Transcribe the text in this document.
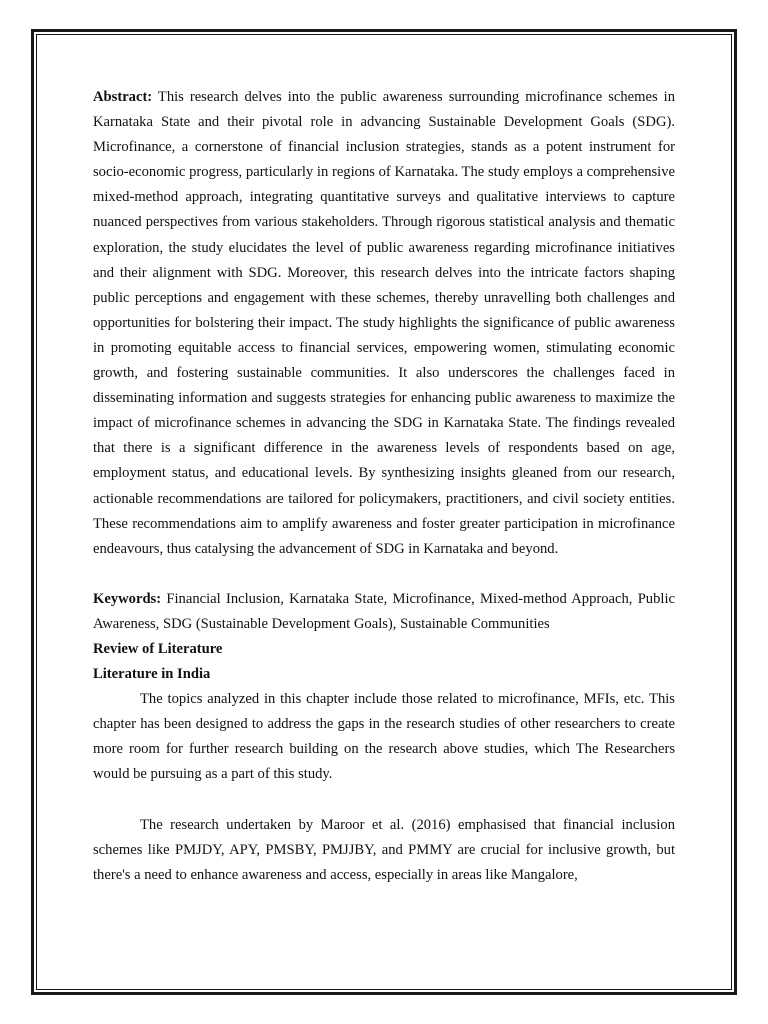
Abstract: This research delves into the public awareness surrounding microfinance schemes in Karnataka State and their pivotal role in advancing Sustainable Development Goals (SDG). Microfinance, a cornerstone of financial inclusion strategies, stands as a potent instrument for socio-economic progress, particularly in regions of Karnataka. The study employs a comprehensive mixed-method approach, integrating quantitative surveys and qualitative interviews to capture nuanced perspectives from various stakeholders. Through rigorous statistical analysis and thematic exploration, the study elucidates the level of public awareness regarding microfinance initiatives and their alignment with SDG. Moreover, this research delves into the intricate factors shaping public perceptions and engagement with these schemes, thereby unravelling both challenges and opportunities for bolstering their impact. The study highlights the significance of public awareness in promoting equitable access to financial services, empowering women, stimulating economic growth, and fostering sustainable communities. It also underscores the challenges faced in disseminating information and suggests strategies for enhancing public awareness to maximize the impact of microfinance schemes in advancing the SDG in Karnataka State. The findings revealed that there is a significant difference in the awareness levels of respondents based on age, employment status, and educational levels. By synthesizing insights gleaned from our research, actionable recommendations are tailored for policymakers, practitioners, and civil society entities. These recommendations aim to amplify awareness and foster greater participation in microfinance endeavours, thus catalysing the advancement of SDG in Karnataka and beyond.

Keywords: Financial Inclusion, Karnataka State, Microfinance, Mixed-method Approach, Public Awareness, SDG (Sustainable Development Goals), Sustainable Communities

Review of Literature

Literature in India

The topics analyzed in this chapter include those related to microfinance, MFIs, etc. This chapter has been designed to address the gaps in the research studies of other researchers to create more room for further research building on the research above studies, which The Researchers would be pursuing as a part of this study.

The research undertaken by Maroor et al. (2016) emphasised that financial inclusion schemes like PMJDY, APY, PMSBY, PMJJBY, and PMMY are crucial for inclusive growth, but there's a need to enhance awareness and access, especially in areas like Mangalore,
